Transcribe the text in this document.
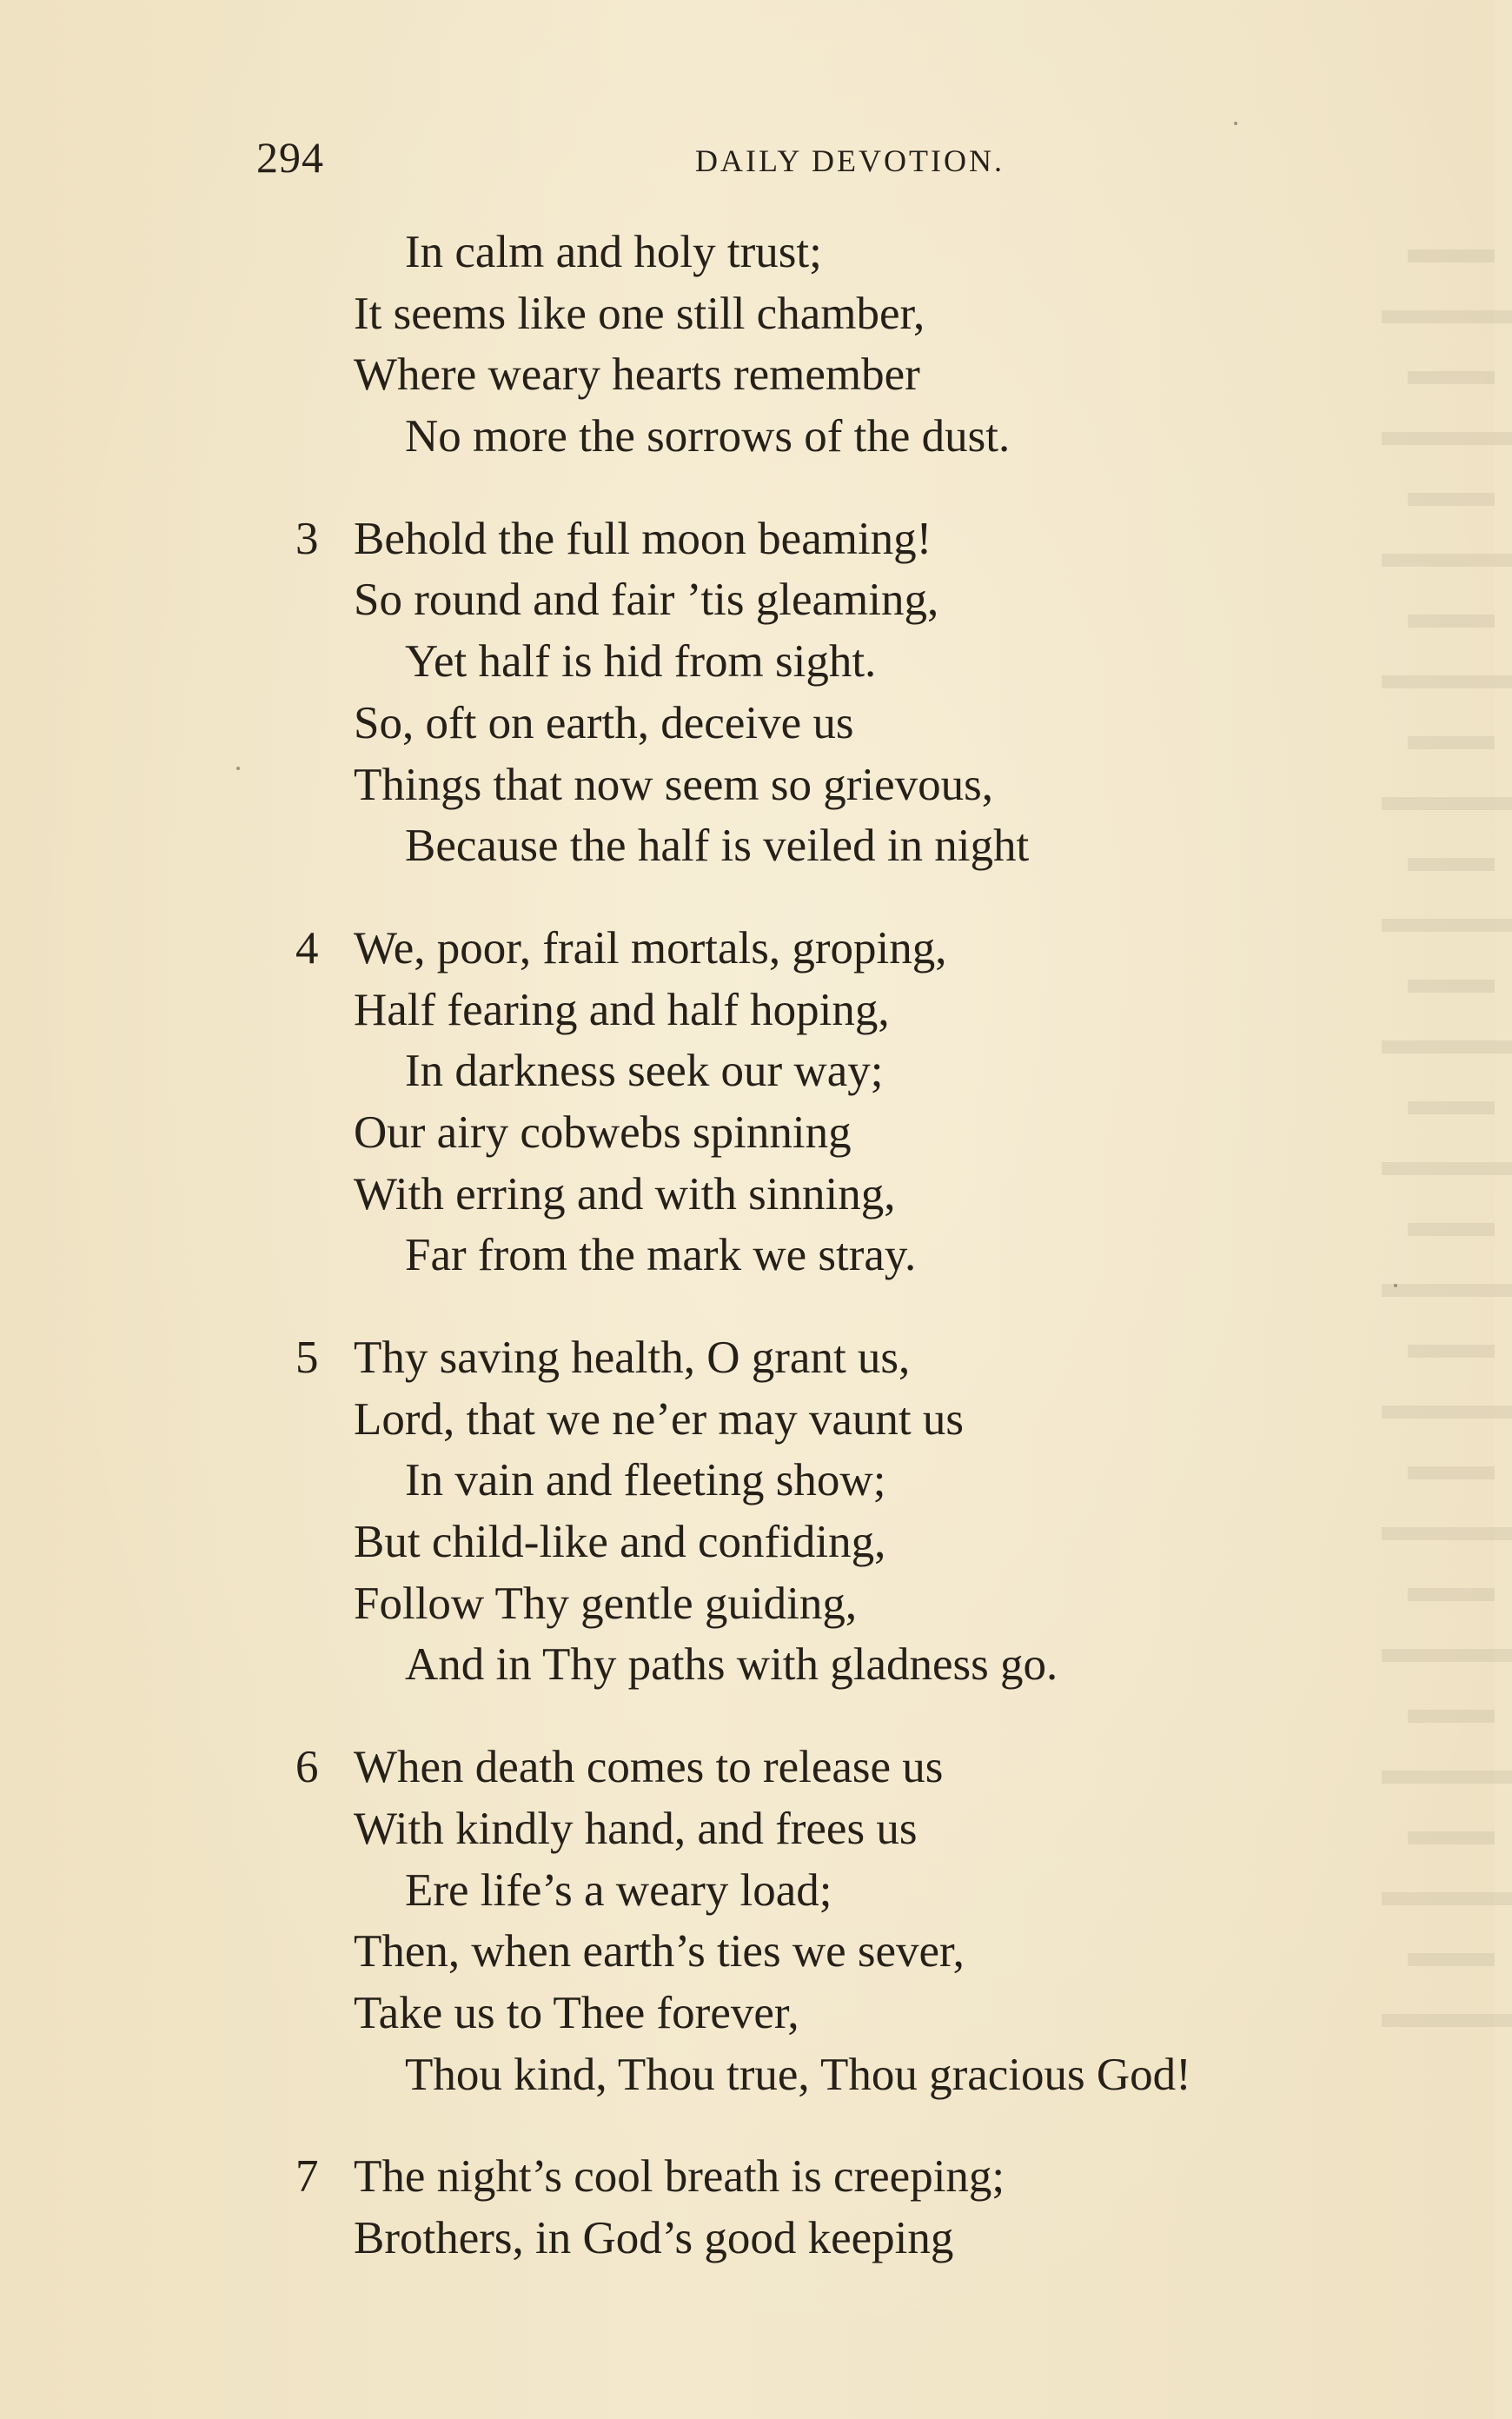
▬▬
▬▬▬
▬▬
▬▬▬
▬▬
▬▬▬
▬▬
▬▬▬
▬▬
▬▬▬
▬▬
▬▬▬
▬▬
▬▬▬
▬▬
▬▬▬
▬▬
▬▬▬
▬▬
▬▬▬
▬▬
▬▬▬
▬▬
▬▬▬
▬▬
▬▬▬
▬▬
▬▬▬
▬▬
▬▬▬
294	DAILY DEVOTION.
In calm and holy trust;
It seems like one still chamber,
Where weary hearts remember
No more the sorrows of the dust.
3 Behold the full moon beaming!
So round and fair ’tis gleaming,
Yet half is hid from sight.
So, oft on earth, deceive us
Things that now seem so grievous,
Because the half is veiled in night
4 We, poor, frail mortals, groping,
Half fearing and half hoping,
In darkness seek our way;
Our airy cobwebs spinning
With erring and with sinning,
Far from the mark we stray.
5 Thy saving health, O grant us,
Lord, that we ne’er may vaunt us
In vain and fleeting show;
But child-like and confiding,
Follow Thy gentle guiding,
And in Thy paths with gladness go.
6 When death comes to release us
With kindly hand, and frees us
Ere life’s a weary load;
Then, when earth’s ties we sever,
Take us to Thee forever,
Thou kind, Thou true, Thou gracious God!
7 The night’s cool breath is creeping;
Brothers, in God’s good keeping
